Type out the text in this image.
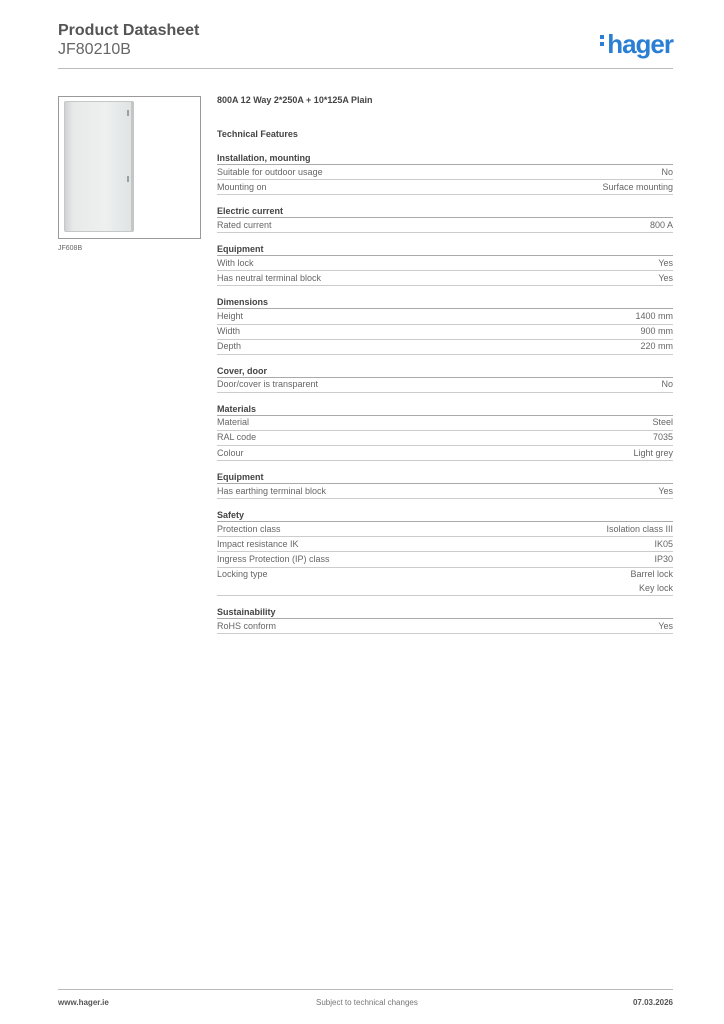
Product Datasheet
JF80210B	hager
JF608B
800A 12 Way 2*250A + 10*125A Plain
Technical Features
Installation, mounting
Suitable for outdoor usage	No
Mounting on	Surface mounting
Electric current
Rated current	800 A
Equipment
With lock	Yes
Has neutral terminal block	Yes
Dimensions
Height	1400 mm
Width	900 mm
Depth	220 mm
Cover, door
Door/cover is transparent	No
Materials
Material	Steel
RAL code	7035
Colour	Light grey
Equipment
Has earthing terminal block	Yes
Safety
Protection class	Isolation class III
Impact resistance IK	IK05
Ingress Protection (IP) class	IP30
Locking type	Barrel lock
Key lock
Sustainability
RoHS conform	Yes
www.hager.ie	Subject to technical changes	07.03.2026
